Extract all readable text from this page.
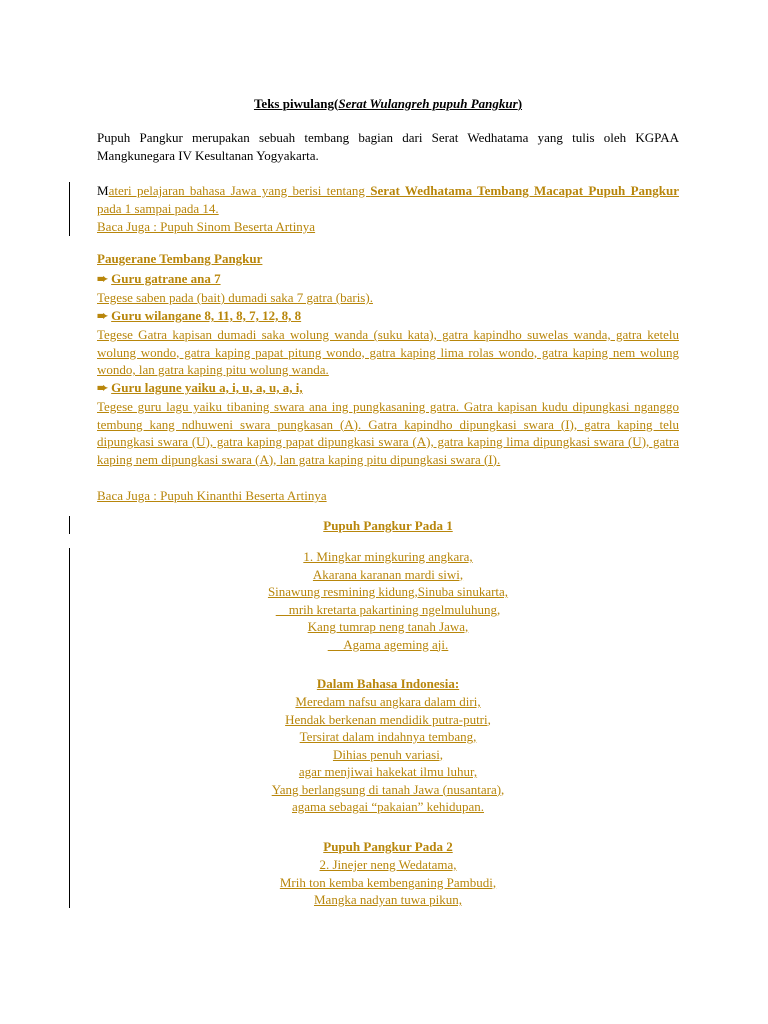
Teks piwulang(Serat Wulangreh pupuh Pangkur)
Pupuh Pangkur merupakan sebuah tembang bagian dari Serat Wedhatama yang tulis oleh KGPAA Mangkunegara IV Kesultanan Yogyakarta.
Materi pelajaran bahasa Jawa yang berisi tentang Serat Wedhatama Tembang Macapat Pupuh Pangkur pada 1 sampai pada 14.
Baca Juga : Pupuh Sinom Beserta Artinya
Paugerane Tembang Pangkur
➨ Guru gatrane ana 7
Tegese saben pada (bait) dumadi saka 7 gatra (baris).
➨ Guru wilangane 8, 11, 8, 7, 12, 8, 8
Tegese Gatra kapisan dumadi saka wolung wanda (suku kata), gatra kapindho suwelas wanda, gatra ketelu wolung wondo, gatra kaping papat pitung wondo, gatra kaping lima rolas wondo, gatra kaping nem wolung wondo, lan gatra kaping pitu wolung wanda.
➨ Guru lagune yaiku a, i, u, a, u, a, i,
Tegese guru lagu yaiku tibaning swara ana ing pungkasaning gatra. Gatra kapisan kudu dipungkasi nganggo tembung kang ndhuweni swara pungkasan (A). Gatra kapindho dipungkasi swara (I), gatra kaping telu dipungkasi swara (U), gatra kaping papat dipungkasi swara (A), gatra kaping lima dipungkasi swara (U), gatra kaping nem dipungkasi swara (A), lan gatra kaping pitu dipungkasi swara (I).
Baca Juga : Pupuh Kinanthi Beserta Artinya
Pupuh Pangkur Pada 1
1. Mingkar mingkuring angkara,
Akarana karanan mardi siwi,
Sinawung resmining kidung,Sinuba sinukarta,
mrih kretarta pakartining ngelmuluhung,
Kang tumrap neng tanah Jawa,
Agama ageming aji.
Dalam Bahasa Indonesia:
Meredam nafsu angkara dalam diri,
Hendak berkenan mendidik putra-putri,
Tersirat dalam indahnya tembang,
Dihias penuh variasi,
agar menjiwai hakekat ilmu luhur,
Yang berlangsung di tanah Jawa (nusantara),
agama sebagai “pakaian” kehidupan.
Pupuh Pangkur Pada 2
2. Jinejer neng Wedatama,
Mrih ton kemba kembenganing Pambudi,
Mangka nadyan tuwa pikun,
